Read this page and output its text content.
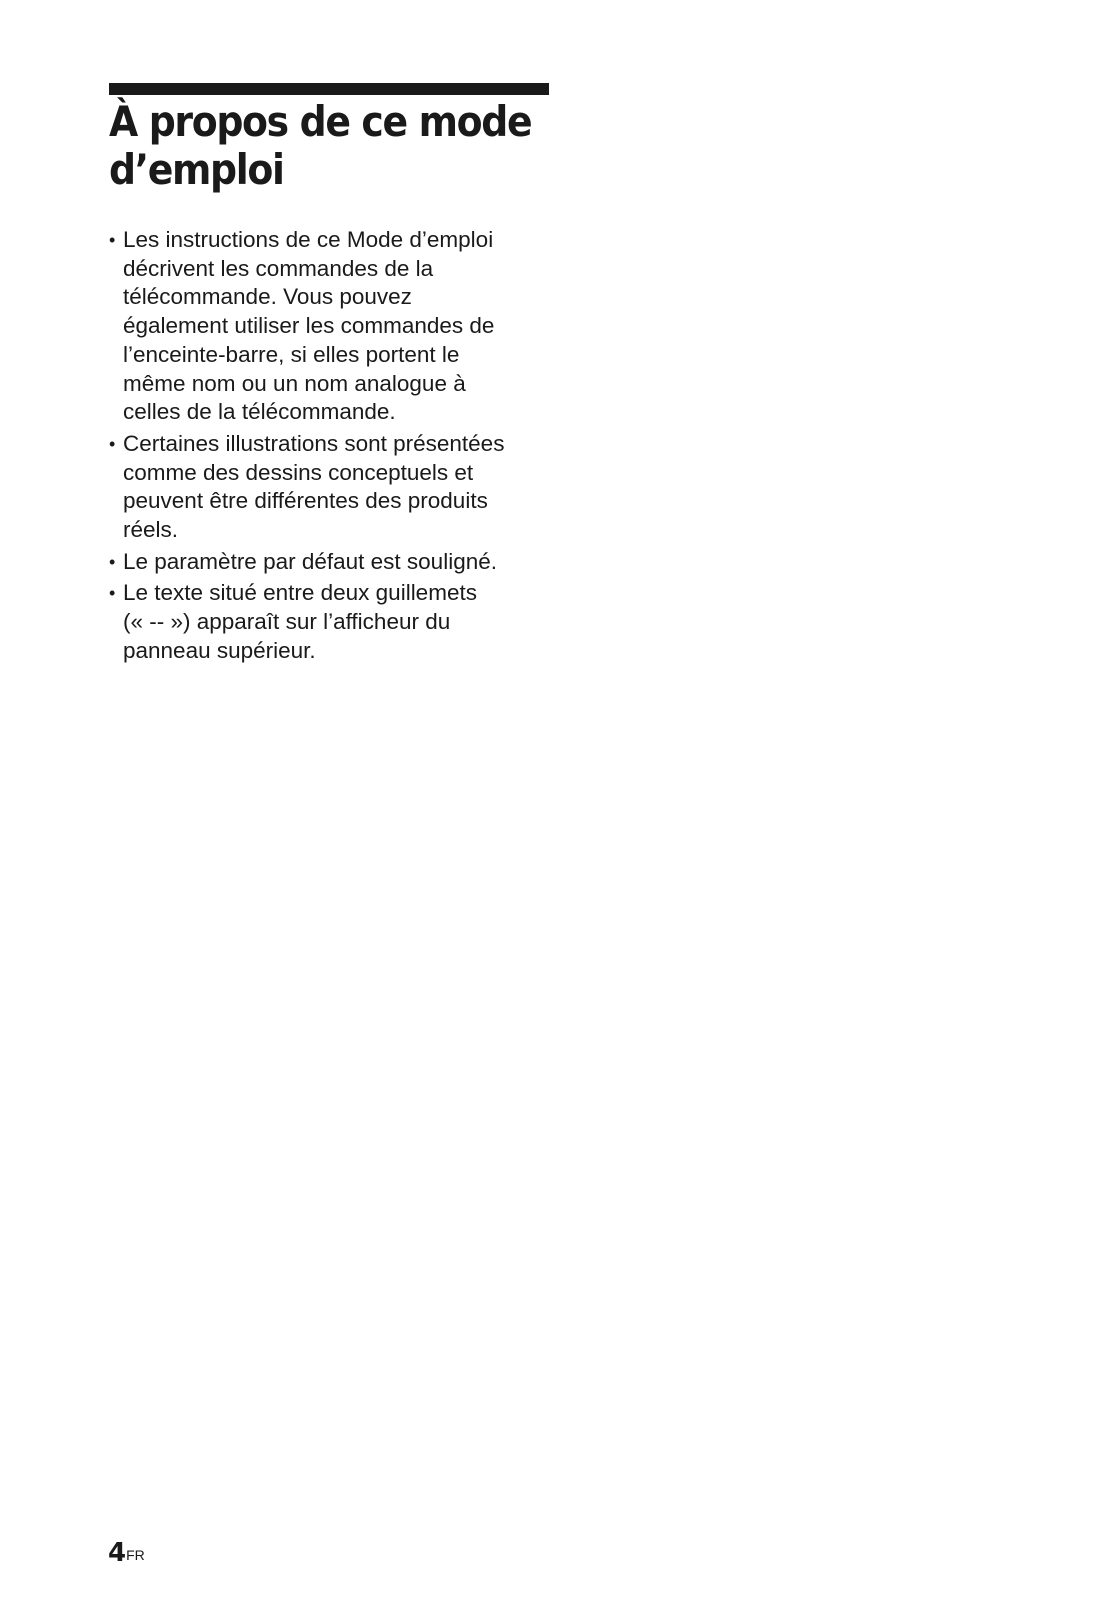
À propos de ce mode
d’emploi
• Les instructions de ce Mode d’emploi
décrivent les commandes de la
télécommande. Vous pouvez
également utiliser les commandes de
l’enceinte-barre, si elles portent le
même nom ou un nom analogue à
celles de la télécommande.
• Certaines illustrations sont présentées
comme des dessins conceptuels et
peuvent être différentes des produits
réels.
• Le paramètre par défaut est souligné.
• Le texte situé entre deux guillemets
(« -- ») apparaît sur l’afficheur du
panneau supérieur.
$4^{FR}$
